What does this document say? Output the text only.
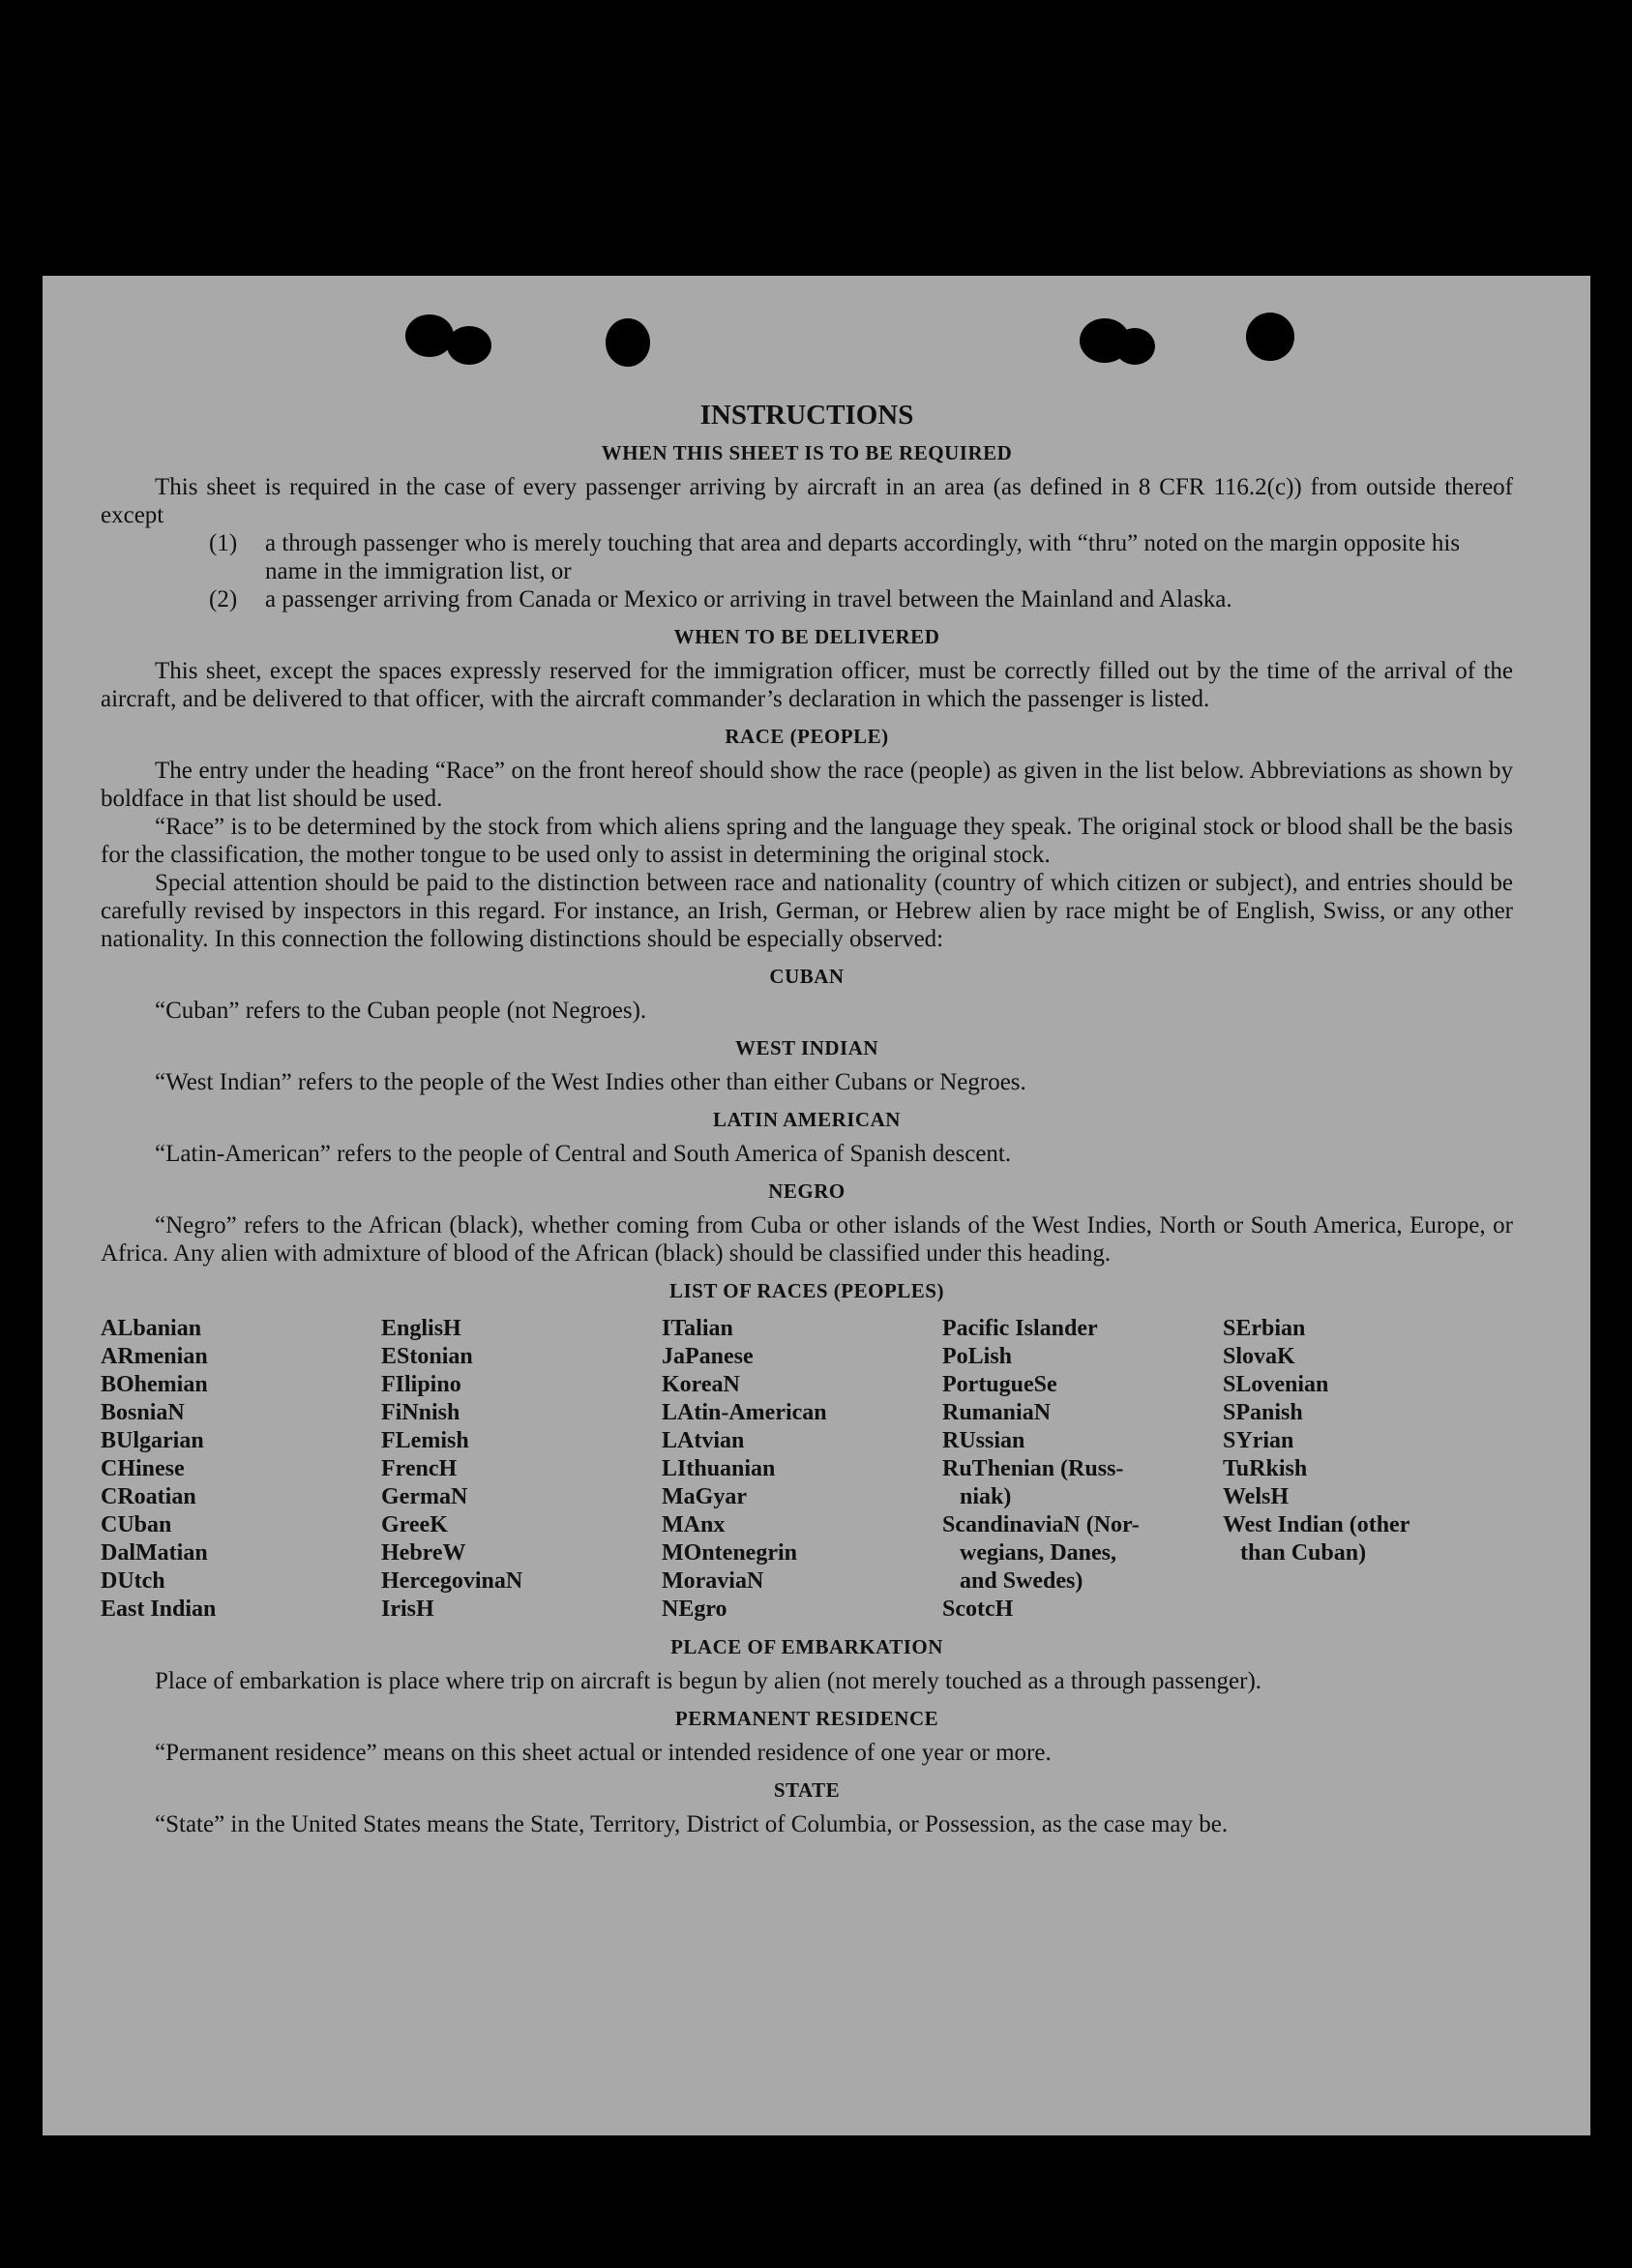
INSTRUCTIONS
WHEN THIS SHEET IS TO BE REQUIRED

This sheet is required in the case of every passenger arriving by aircraft in an area (as defined in 8 CFR 116.2(c)) from outside thereof except

(1)	a through passenger who is merely touching that area and departs accordingly, with “thru” noted on the margin opposite his name in the immigration list, or
(2)	a passenger arriving from Canada or Mexico or arriving in travel between the Mainland and Alaska.
WHEN TO BE DELIVERED

This sheet, except the spaces expressly reserved for the immigration officer, must be correctly filled out by the time of the arrival of the aircraft, and be delivered to that officer, with the aircraft commander’s declaration in which the passenger is listed.

RACE (PEOPLE)

The entry under the heading “Race” on the front hereof should show the race (people) as given in the list below. Abbreviations as shown by boldface in that list should be used.

“Race” is to be determined by the stock from which aliens spring and the language they speak. The original stock or blood shall be the basis for the classification, the mother tongue to be used only to assist in determining the original stock.

Special attention should be paid to the distinction between race and nationality (country of which citizen or subject), and entries should be carefully revised by inspectors in this regard. For instance, an Irish, German, or Hebrew alien by race might be of English, Swiss, or any other nationality. In this connection the following distinctions should be especially observed:

CUBAN

“Cuban” refers to the Cuban people (not Negroes).

WEST INDIAN

“West Indian” refers to the people of the West Indies other than either Cubans or Negroes.

LATIN AMERICAN

“Latin-American” refers to the people of Central and South America of Spanish descent.

NEGRO

“Negro” refers to the African (black), whether coming from Cuba or other islands of the West Indies, North or South America, Europe, or Africa. Any alien with admixture of blood of the African (black) should be classified under this heading.

LIST OF RACES (PEOPLES)
ALbanian
ARmenian
BOhemian
BosniaN
BUlgarian
CHinese
CRoatian
CUban
DalMatian
DUtch
East Indian
EnglisH
EStonian
FIlipino
FiNnish
FLemish
FrencH
GermaN
GreeK
HebreW
HercegovinaN
IrisH
ITalian
JaPanese
KoreaN
LAtin-American
LAtvian
LIthuanian
MaGyar
MAnx
MOntenegrin
MoraviaN
NEgro
Pacific Islander
PoLish
PortugueSe
RumaniaN
RUssian
RuThenian (Russ-
niak)
ScandinaviaN (Nor-
wegians, Danes,
and Swedes)
ScotcH
SErbian
SlovaK
SLovenian
SPanish
SYrian
TuRkish
WelsH
West Indian (other
than Cuban)
PLACE OF EMBARKATION

Place of embarkation is place where trip on aircraft is begun by alien (not merely touched as a through passenger).

PERMANENT RESIDENCE

“Permanent residence” means on this sheet actual or intended residence of one year or more.

STATE

“State” in the United States means the State, Territory, District of Columbia, or Possession, as the case may be.
